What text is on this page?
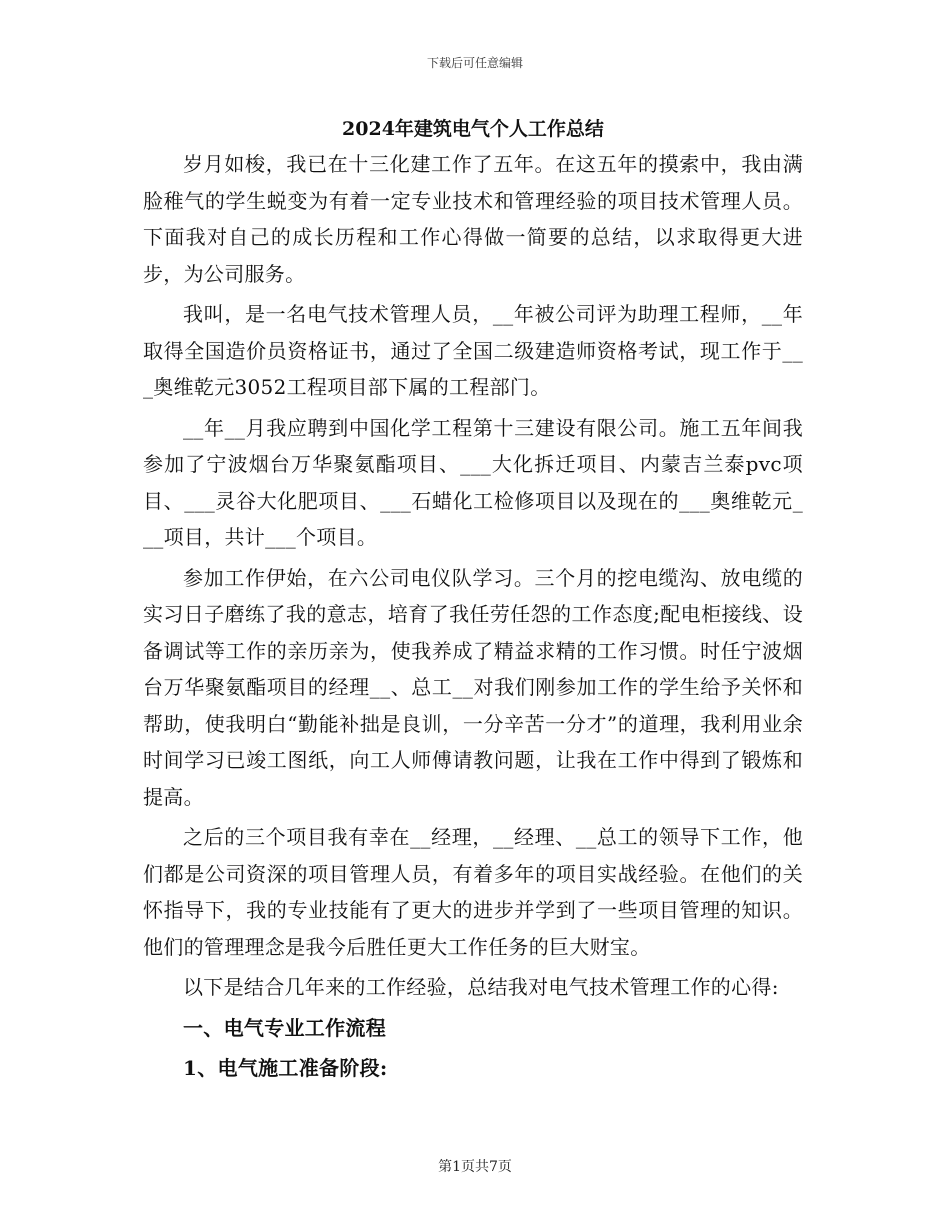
下载后可任意编辑
2024年建筑电气个人工作总结

岁月如梭，我已在十三化建工作了五年。在这五年的摸索中，我由满脸稚气的学生蜕变为有着一定专业技术和管理经验的项目技术管理人员。下面我对自己的成长历程和工作心得做一简要的总结，以求取得更大进步，为公司服务。

我叫，是一名电气技术管理人员，__年被公司评为助理工程师，__年取得全国造价员资格证书，通过了全国二级建造师资格考试，现工作于___奥维乾元3052工程项目部下属的工程部门。

__年__月我应聘到中国化学工程第十三建设有限公司。施工五年间我参加了宁波烟台万华聚氨酯项目、___大化拆迁项目、内蒙吉兰泰pvc项目、___灵谷大化肥项目、___石蜡化工检修项目以及现在的___奥维乾元___项目，共计___个项目。

参加工作伊始，在六公司电仪队学习。三个月的挖电缆沟、放电缆的实习日子磨练了我的意志，培育了我任劳任怨的工作态度;配电柜接线、设备调试等工作的亲历亲为，使我养成了精益求精的工作习惯。时任宁波烟台万华聚氨酯项目的经理__、总工__对我们刚参加工作的学生给予关怀和帮助，使我明白“勤能补拙是良训，一分辛苦一分才”的道理，我利用业余时间学习已竣工图纸，向工人师傅请教问题，让我在工作中得到了锻炼和提高。

之后的三个项目我有幸在__经理，__经理、__总工的领导下工作，他们都是公司资深的项目管理人员，有着多年的项目实战经验。在他们的关怀指导下，我的专业技能有了更大的进步并学到了一些项目管理的知识。他们的管理理念是我今后胜任更大工作任务的巨大财宝。

以下是结合几年来的工作经验，总结我对电气技术管理工作的心得:

一、电气专业工作流程

1、电气施工准备阶段:

第1页共7页
